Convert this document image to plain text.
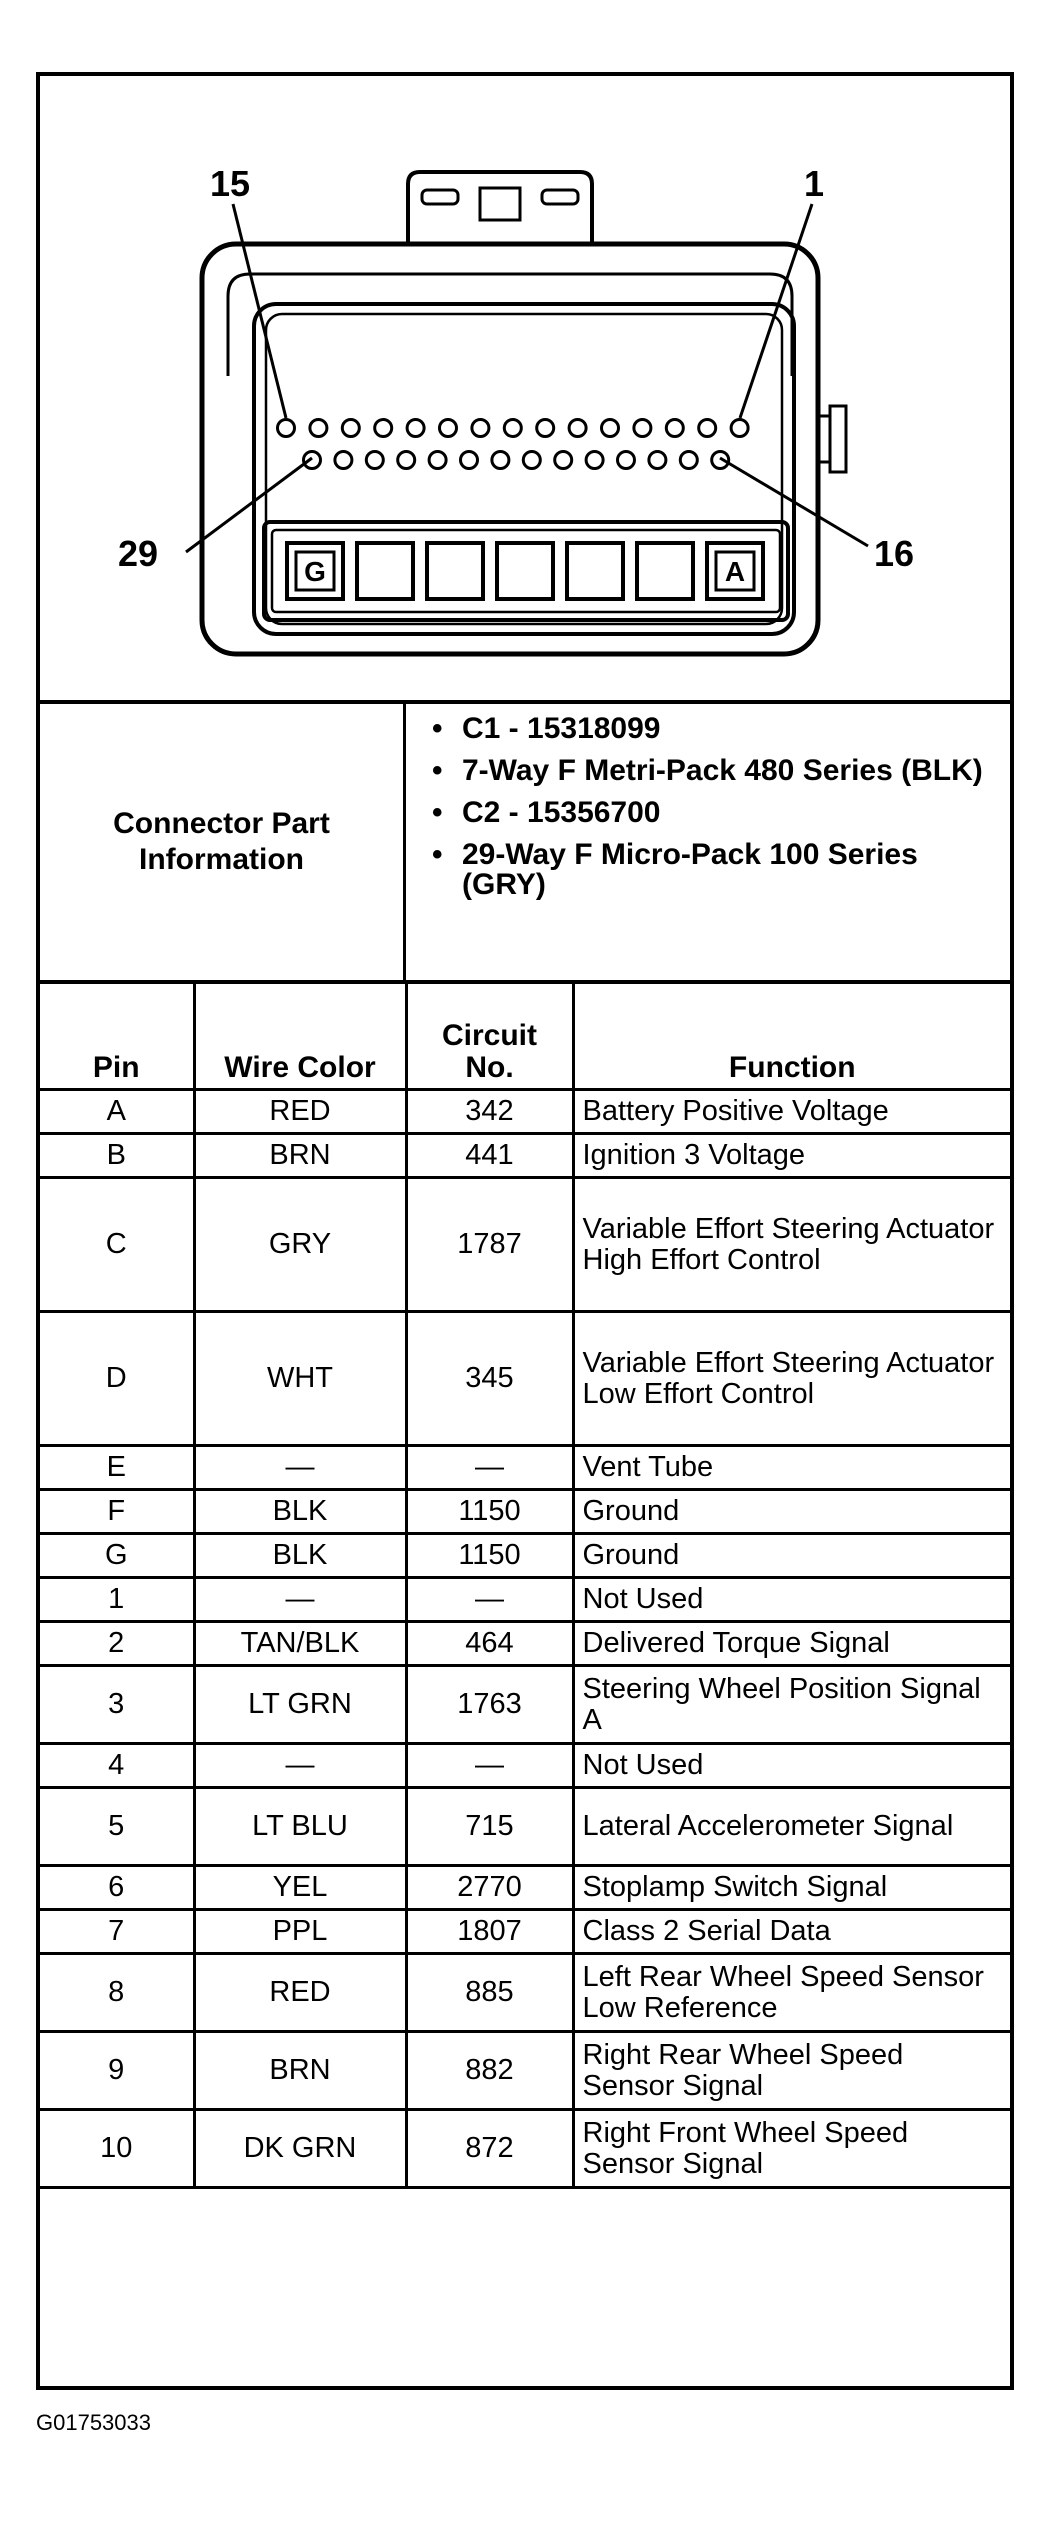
G	A
15	1
29	16
Connector Part Information
• C1 - 15318099
• 7-Way F Metri-Pack 480 Series (BLK)
• C2 - 15356700
• 29-Way F Micro-Pack 100 Series (GRY)
Pin	Wire Color	Circuit No.	Function
A	RED	342	Battery Positive Voltage
B	BRN	441	Ignition 3 Voltage
C	GRY	1787	Variable Effort Steering Actuator High Effort Control
D	WHT	345	Variable Effort Steering Actuator Low Effort Control
E	—	—	Vent Tube
F	BLK	1150	Ground
G	BLK	1150	Ground
1	—	—	Not Used
2	TAN/BLK	464	Delivered Torque Signal
3	LT GRN	1763	Steering Wheel Position Signal A
4	—	—	Not Used
5	LT BLU	715	Lateral Accelerometer Signal
6	YEL	2770	Stoplamp Switch Signal
7	PPL	1807	Class 2 Serial Data
8	RED	885	Left Rear Wheel Speed Sensor Low Reference
9	BRN	882	Right Rear Wheel Speed Sensor Signal
10	DK GRN	872	Right Front Wheel Speed Sensor Signal
G01753033
